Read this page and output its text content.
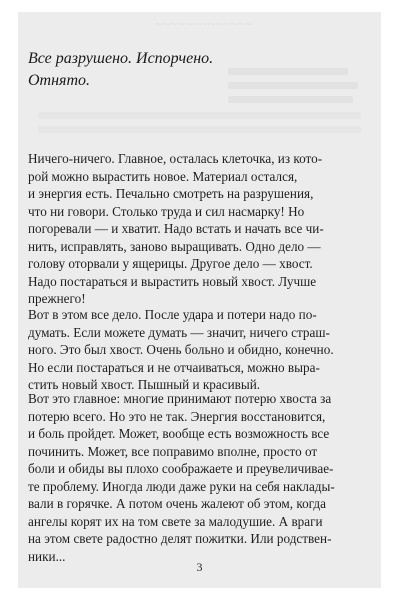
~~~~~~~~~~~~~

Все разрушено. Испорчено.

Отнято.

Ничего-ничего. Главное, осталась клеточка, из кото-
рой можно вырастить новое. Материал остался,
и энергия есть. Печально смотреть на разрушения,
что ни говори. Столько труда и сил насмарку! Но
погоревали — и хватит. Надо встать и начать все чи-
нить, исправлять, заново выращивать. Одно дело —
голову оторвали у ящерицы. Другое дело — хвост.
Надо постараться и вырастить новый хвост. Лучше
прежнего!
Вот в этом все дело. После удара и потери надо по-
думать. Если можете думать — значит, ничего страш-
ного. Это был хвост. Очень больно и обидно, конечно.
Но если постараться и не отчаиваться, можно выра-
стить новый хвост. Пышный и красивый.
Вот это главное: многие принимают потерю хвоста за
потерю всего. Но это не так. Энергия восстановится,
и боль пройдет. Может, вообще есть возможность все
починить. Может, все поправимо вполне, просто от
боли и обиды вы плохо соображаете и преувеличивае-
те проблему. Иногда люди даже руки на себя наклады-
вали в горячке. А потом очень жалеют об этом, когда
ангелы корят их на том свете за малодушие. А враги
на этом свете радостно делят пожитки. Или родствен-
ники...
3
